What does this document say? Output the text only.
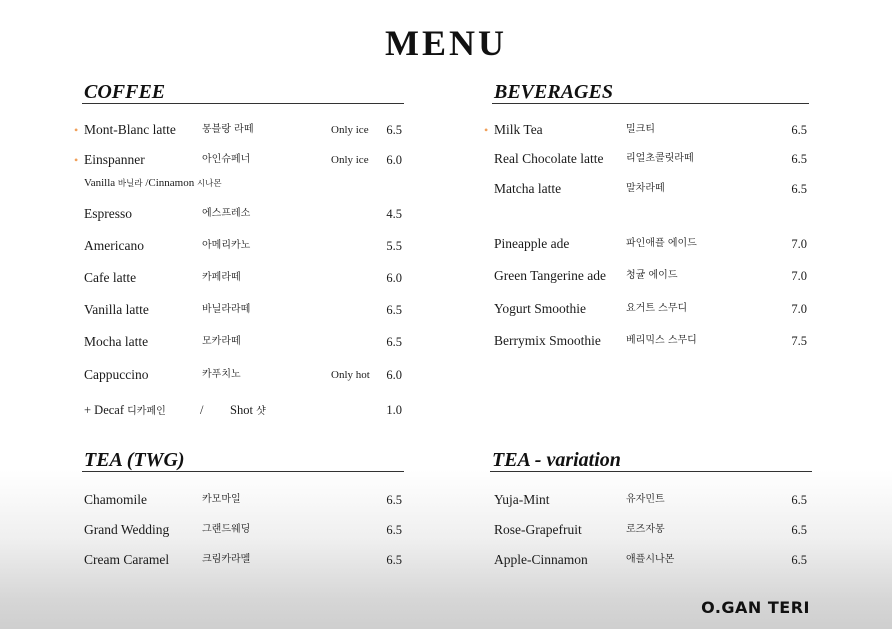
MENU
COFFEE
• Mont-Blanc latte	몽블랑 라떼	Only ice 6.5
• Einspanner	아인슈페너	Only ice 6.0
Vanilla 바닐라 /Cinnamon 시나몬
Espresso	에스프레소	4.5
Americano	아메리카노	5.5
Cafe latte	카페라떼	6.0
Vanilla latte	바닐라라떼	6.5
Mocha latte	모카라떼	6.5
Cappuccino	카푸치노	Only hot 6.0
+ Decaf 디카페인	/ Shot 샷	1.0
BEVERAGES
• Milk Tea	밀크티	6.5
Real Chocolate latte 리얼초콜릿라떼	6.5
Matcha latte	말차라떼	6.5
Pineapple ade	파인애플 에이드	7.0
Green Tangerine ade 청귤 에이드	7.0
Yogurt Smoothie	요거트 스무디	7.0
Berrymix Smoothie	베리믹스 스무디	7.5
TEA (TWG)
Chamomile	카모마일	6.5
Grand Wedding	그랜드웨딩	6.5
Cream Caramel	크림카라멜	6.5
TEA - variation
Yuja-Mint	유자민트	6.5
Rose-Grapefruit	로즈자몽	6.5
Apple-Cinnamon	애플시나몬	6.5
O.GAN TERI
